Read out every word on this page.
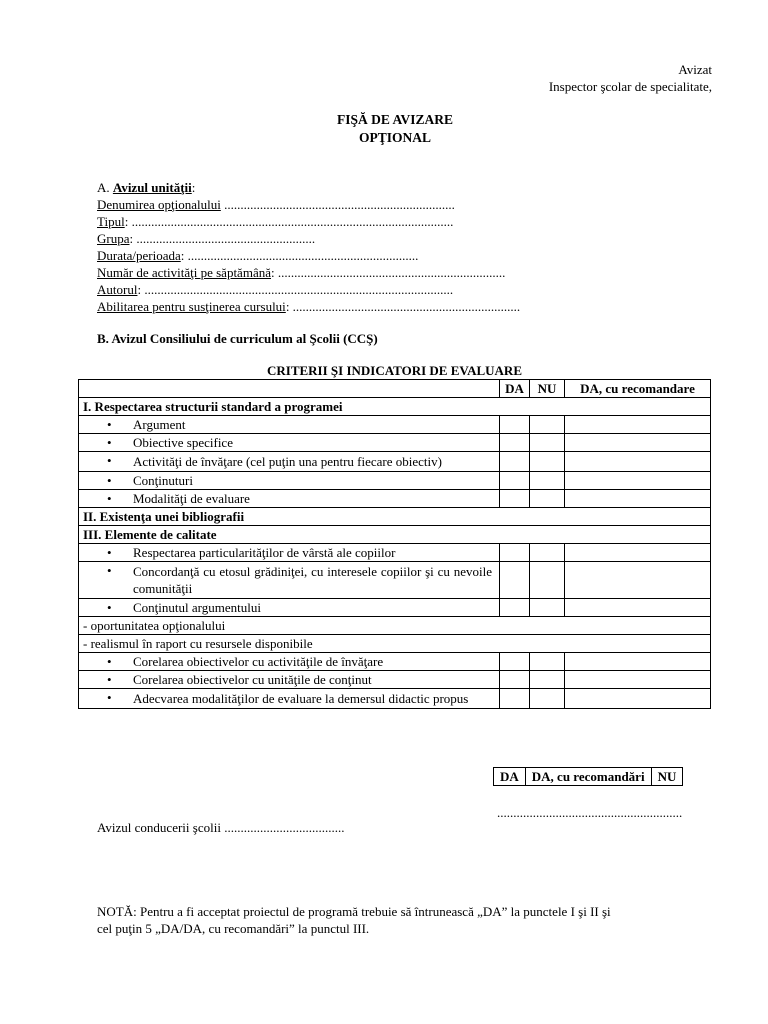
Avizat
Inspector şcolar de specialitate,
FIŞĂ DE AVIZARE
OPŢIONAL
A. Avizul unităţii:
Denumirea opţionalului .......................................................................
Tipul: ...................................................................................................
Grupa: .......................................................
Durata/perioada: .......................................................................
Număr de activităţi pe săptămână: ......................................................................
Autorul: ...............................................................................................
Abilitarea pentru susţinerea cursului: ......................................................................
B. Avizul Consiliului de curriculum al Şcolii (CCŞ)
CRITERII ŞI INDICATORI DE EVALUARE
	DA	NU	DA, cu recomandare
I. Respectarea structurii standard a programei			

• Argument			

• Obiective specifice			

• Activităţi de învăţare (cel puţin una pentru fiecare obiectiv)			

• Conţinuturi			

• Modalităţi de evaluare			

II. Existenţa unei bibliografii			
III. Elemente de calitate			

• Respectarea particularităţilor de vârstă ale copiilor			

• Concordanţă cu etosul grădiniţei, cu interesele copiilor şi cu nevoile comunităţii			

• Conţinutul argumentului			

- oportunitatea opţionalului			
- realismul în raport cu resursele disponibile			

• Corelarea obiectivelor cu activităţile de învăţare			

• Corelarea obiectivelor cu unităţile de conţinut			

• Adecvarea modalităţilor de evaluare la demersul didactic propus			

DA	DA, cu recomandări	NU
.........................................................
Avizul conducerii şcolii .....................................
NOTĂ: Pentru a fi acceptat proiectul de programă trebuie să întrunească „DA” la punctele I şi II şi
cel puţin 5 „DA/DA, cu recomandări” la punctul III.
